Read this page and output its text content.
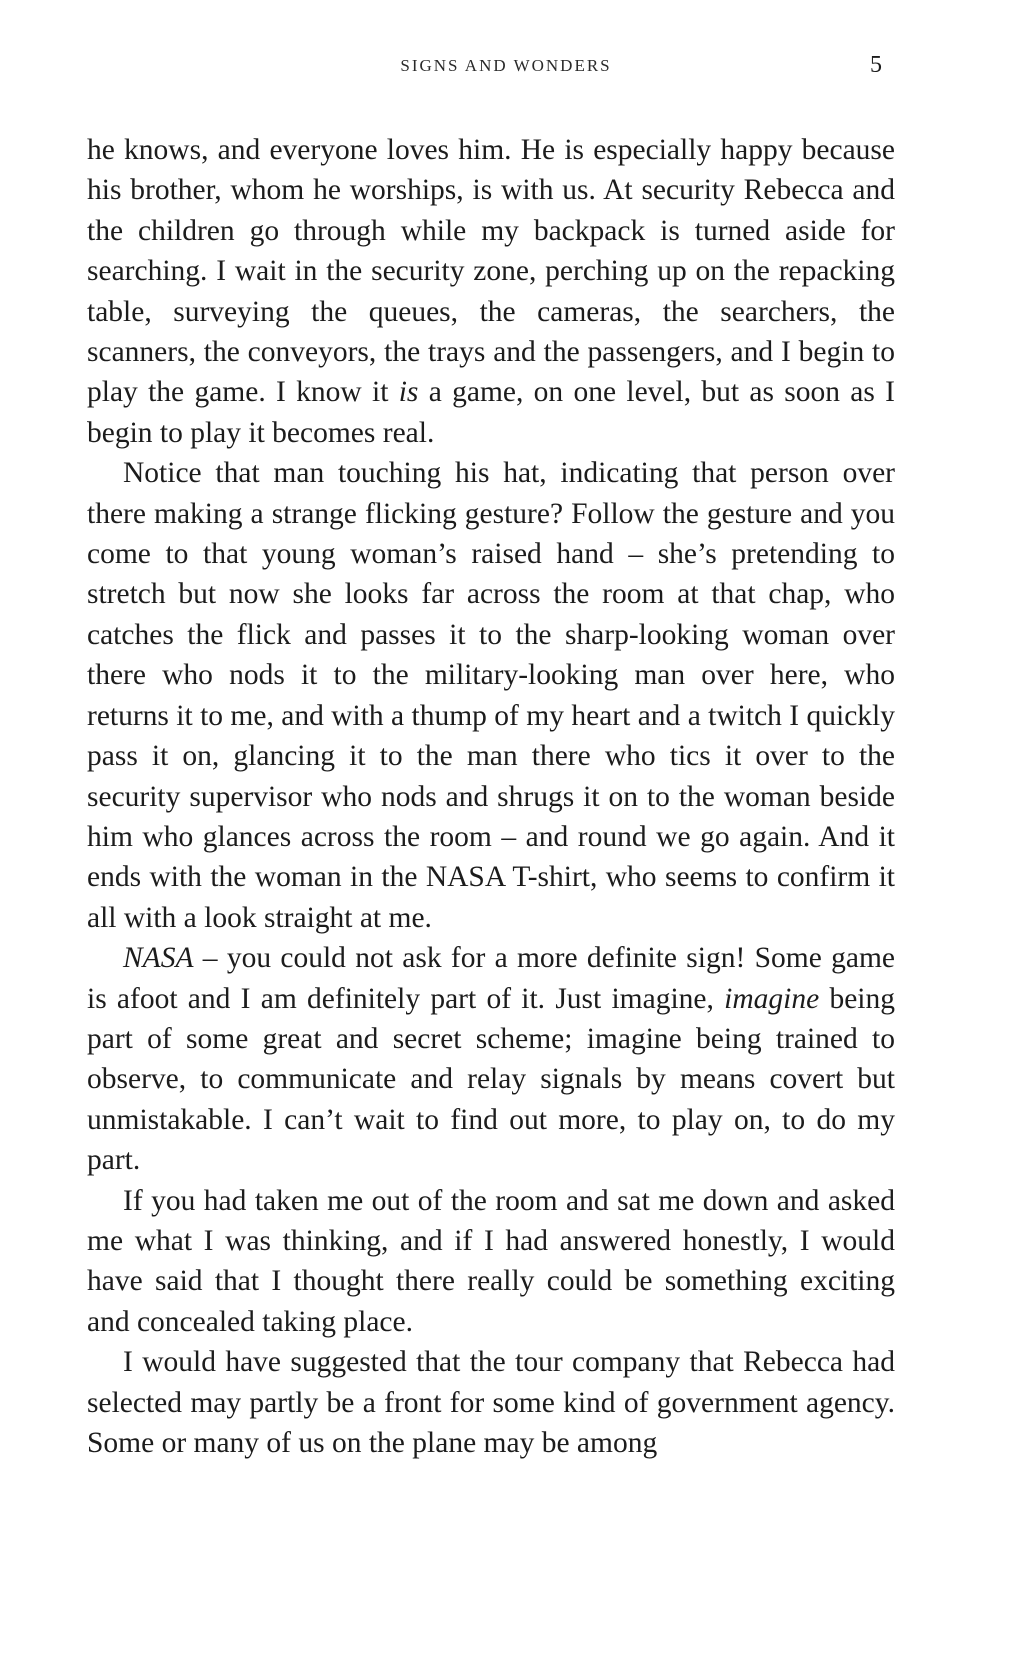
SIGNS AND WONDERS	5

he knows, and everyone loves him. He is especially happy because his brother, whom he worships, is with us. At security Rebecca and the children go through while my backpack is turned aside for searching. I wait in the security zone, perching up on the repacking table, surveying the queues, the cameras, the searchers, the scanners, the conveyors, the trays and the passengers, and I begin to play the game. I know it is a game, on one level, but as soon as I begin to play it becomes real.

Notice that man touching his hat, indicating that person over there making a strange flicking gesture? Follow the gesture and you come to that young woman’s raised hand – she’s pretending to stretch but now she looks far across the room at that chap, who catches the flick and passes it to the sharp-looking woman over there who nods it to the military-looking man over here, who returns it to me, and with a thump of my heart and a twitch I quickly pass it on, glancing it to the man there who tics it over to the security supervisor who nods and shrugs it on to the woman beside him who glances across the room – and round we go again. And it ends with the woman in the NASA T-shirt, who seems to confirm it all with a look straight at me.

NASA – you could not ask for a more definite sign! Some game is afoot and I am definitely part of it. Just imagine, imagine being part of some great and secret scheme; imagine being trained to observe, to communicate and relay signals by means covert but unmistakable. I can’t wait to find out more, to play on, to do my part.

If you had taken me out of the room and sat me down and asked me what I was thinking, and if I had answered honestly, I would have said that I thought there really could be something exciting and concealed taking place.

I would have suggested that the tour company that Rebecca had selected may partly be a front for some kind of government agency. Some or many of us on the plane may be among
